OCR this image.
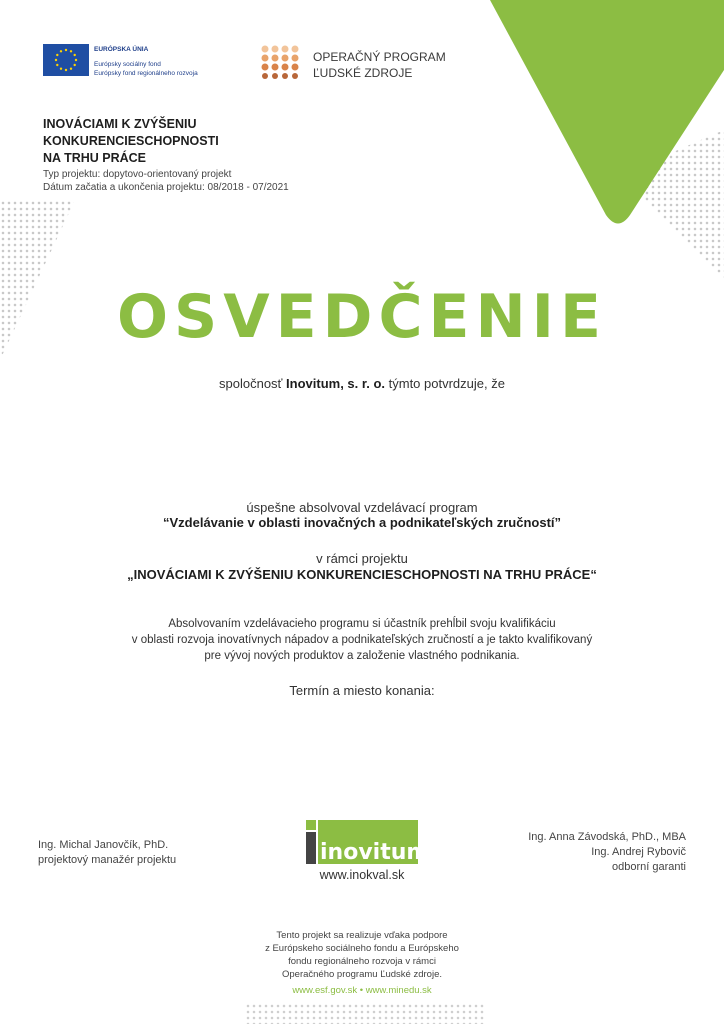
EURÓPSKA ÚNIA
Európsky sociálny fond
Európsky fond regionálneho rozvoja
OPERAČNÝ PROGRAM
ĽUDSKÉ ZDROJE
INOVÁCIAMI K ZVÝŠENIU
KONKURENCIESCHOPNOSTI
NA TRHU PRÁCE
Typ projektu: dopytovo-orientovaný projekt
Dátum začatia a ukončenia projektu: 08/2018 - 07/2021
OSVEDČENIE
spoločnosť Inovitum, s. r. o. týmto potvrdzuje, že
úspešne absolvoval vzdelávací program
“Vzdelávanie v oblasti inovačných a podnikateľských zručností”
v rámci projektu
„INOVÁCIAMI K ZVÝŠENIU KONKURENCIESCHOPNOSTI NA TRHU PRÁCE“
Absolvovaním vzdelávacieho programu si účastník prehĺbil svoju kvalifikáciu
v oblasti rozvoja inovatívnych nápadov a podnikateľských zručností a je takto kvalifikovaný
pre vývoj nových produktov a založenie vlastného podnikania.
Termín a miesto konania:
Ing. Michal Janovčík, PhD.
projektový manažér projektu
Ing. Anna Závodská, PhD., MBA
Ing. Andrej Rybovič
odborní garanti
inovitum
www.inokval.sk
Tento projekt sa realizuje vďaka podpore
z Európskeho sociálneho fondu a Európskeho
fondu regionálneho rozvoja v rámci
Operačného programu Ľudské zdroje.
www.esf.gov.sk • www.minedu.sk
